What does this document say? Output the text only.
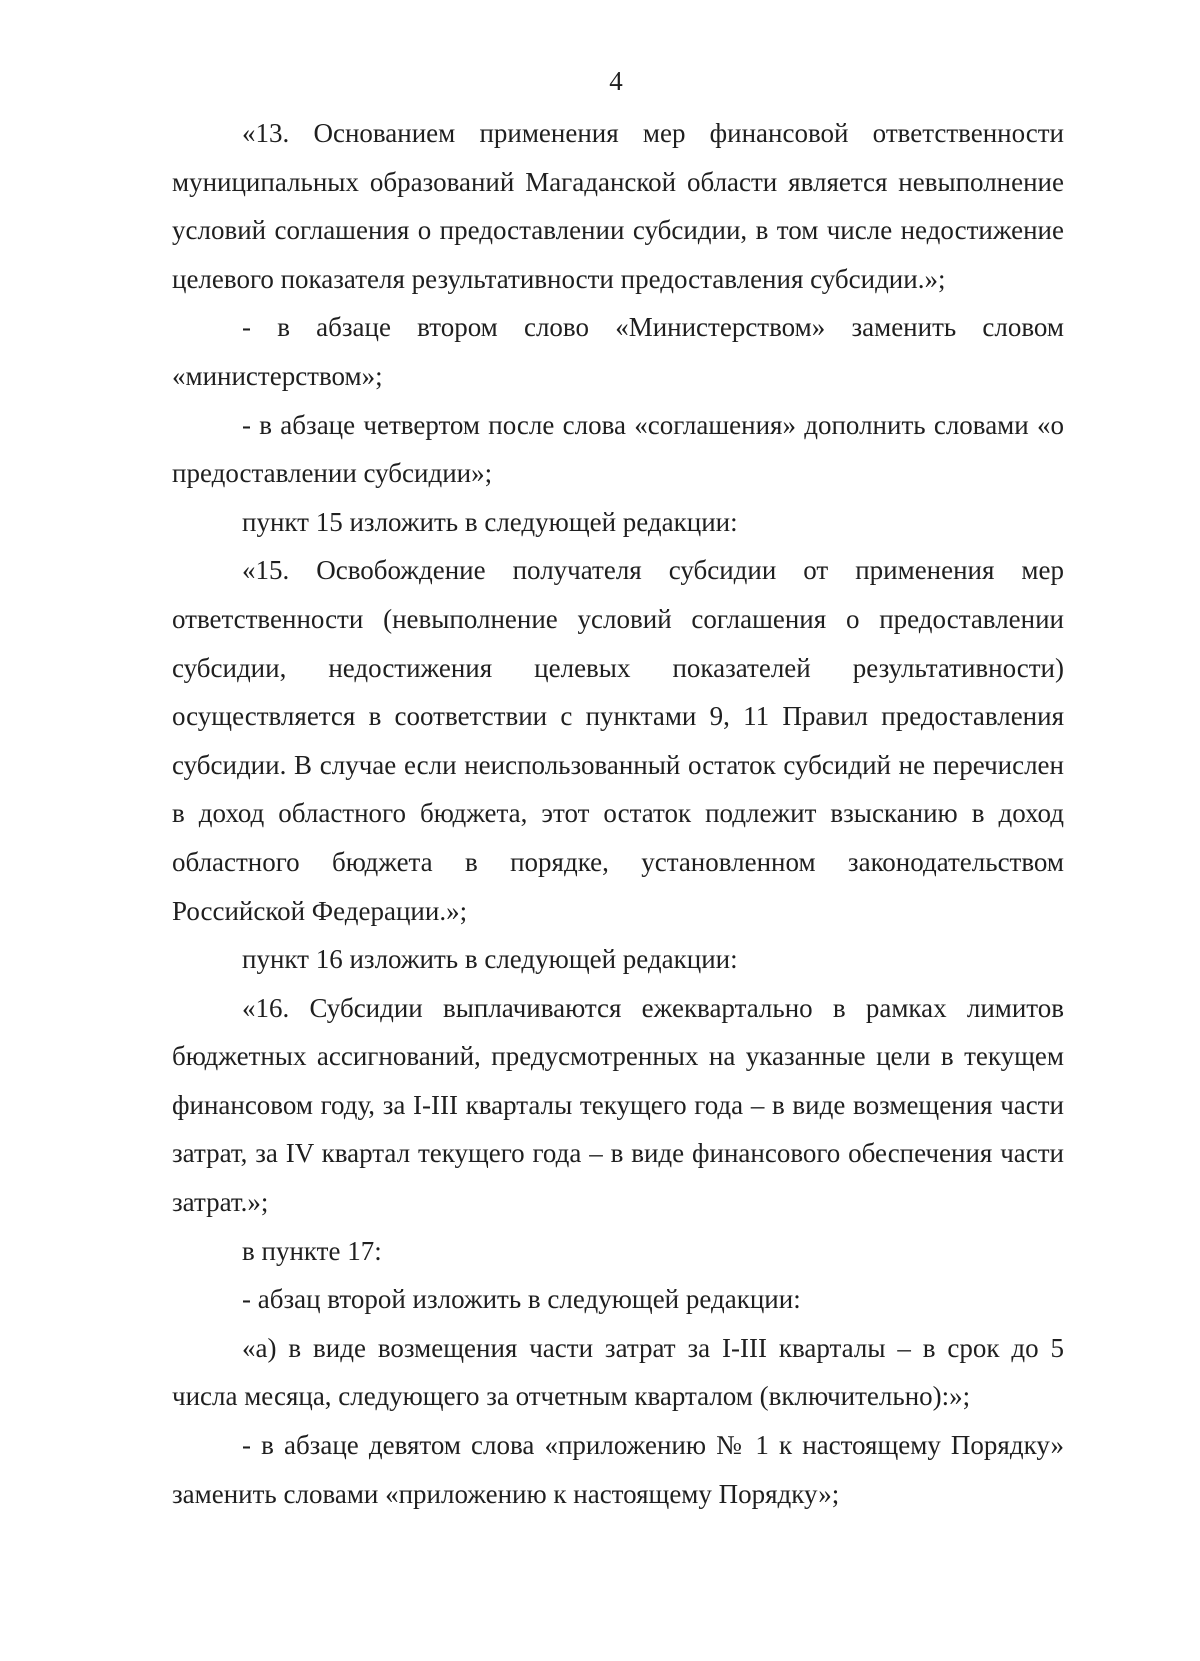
4

«13. Основанием применения мер финансовой ответственности муниципальных образований Магаданской области является невыполнение условий соглашения о предоставлении субсидии, в том числе недостижение целевого показателя результативности предоставления субсидии.»;

- в абзаце втором слово «Министерством» заменить словом «министерством»;

- в абзаце четвертом после слова «соглашения» дополнить словами «о предоставлении субсидии»;

пункт 15 изложить в следующей редакции:

«15. Освобождение получателя субсидии от применения мер ответственности (невыполнение условий соглашения о предоставлении субсидии, недостижения целевых показателей результативности) осуществляется в соответствии с пунктами 9, 11 Правил предоставления субсидии. В случае если неиспользованный остаток субсидий не перечислен в доход областного бюджета, этот остаток подлежит взысканию в доход областного бюджета в порядке, установленном законодательством Российской Федерации.»;

пункт 16 изложить в следующей редакции:

«16. Субсидии выплачиваются ежеквартально в рамках лимитов бюджетных ассигнований, предусмотренных на указанные цели в текущем финансовом году, за I-III кварталы текущего года – в виде возмещения части затрат, за IV квартал текущего года – в виде финансового обеспечения части затрат.»;

в пункте 17:

- абзац второй изложить в следующей редакции:

«а) в виде возмещения части затрат за I-III кварталы – в срок до 5 числа месяца, следующего за отчетным кварталом (включительно):»;

- в абзаце девятом слова «приложению № 1 к настоящему Порядку» заменить словами «приложению к настоящему Порядку»;
